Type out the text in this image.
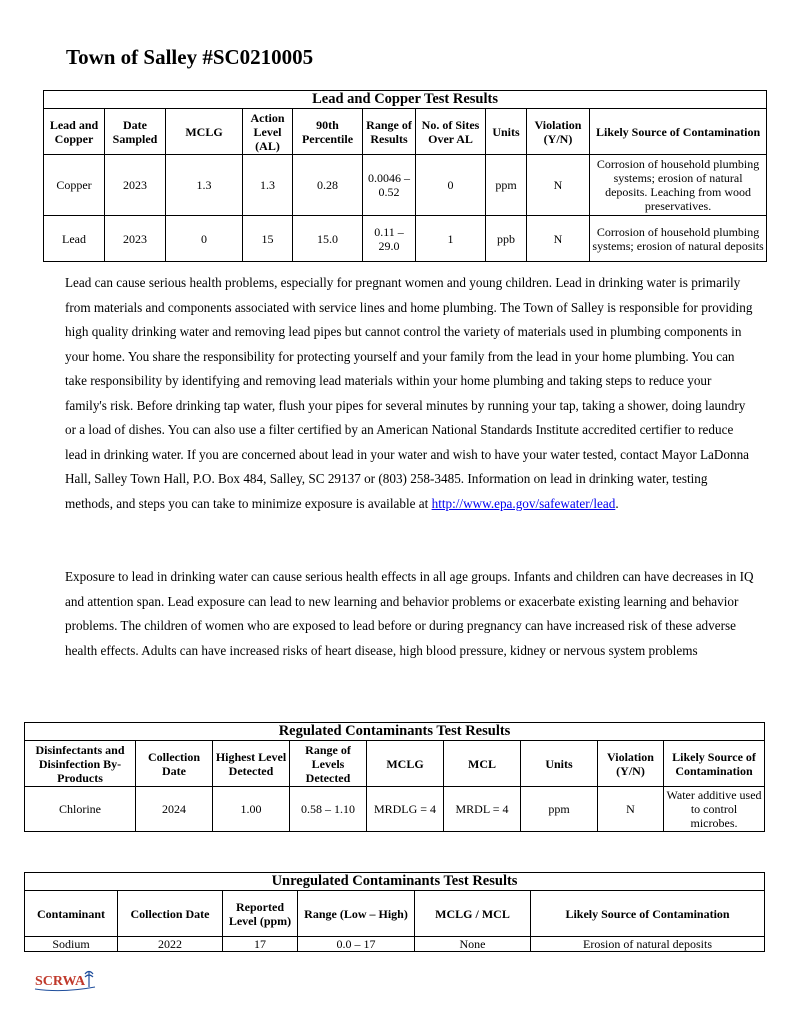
Town of Salley #SC0210005
Lead and Copper Test Results									
Lead and Copper	Date Sampled	MCLG	Action Level (AL)	90th Percentile	Range of Results	No. of Sites Over AL	Units	Violation (Y/N)	Likely Source of Contamination
Copper	2023	1.3	1.3	0.28	0.0046 – 0.52	0	ppm	N	Corrosion of household plumbing systems; erosion of natural deposits. Leaching from wood preservatives.
Lead	2023	0	15	15.0	0.11 – 29.0	1	ppb	N	Corrosion of household plumbing systems; erosion of natural deposits

Lead can cause serious health problems, especially for pregnant women and young children. Lead in drinking water is primarily from materials and components associated with service lines and home plumbing. The Town of Salley is responsible for providing high quality drinking water and removing lead pipes but cannot control the variety of materials used in plumbing components in your home. You share the responsibility for protecting yourself and your family from the lead in your home plumbing. You can take responsibility by identifying and removing lead materials within your home plumbing and taking steps to reduce your family's risk. Before drinking tap water, flush your pipes for several minutes by running your tap, taking a shower, doing laundry or a load of dishes. You can also use a filter certified by an American National Standards Institute accredited certifier to reduce lead in drinking water. If you are concerned about lead in your water and wish to have your water tested, contact Mayor LaDonna Hall, Salley Town Hall, P.O. Box 484, Salley, SC 29137 or (803) 258-3485. Information on lead in drinking water, testing methods, and steps you can take to minimize exposure is available at http://www.epa.gov/safewater/lead.

Exposure to lead in drinking water can cause serious health effects in all age groups. Infants and children can have decreases in IQ and attention span. Lead exposure can lead to new learning and behavior problems or exacerbate existing learning and behavior problems. The children of women who are exposed to lead before or during pregnancy can have increased risk of these adverse health effects. Adults can have increased risks of heart disease, high blood pressure, kidney or nervous system problems

Regulated Contaminants Test Results								
Disinfectants and Disinfection By-Products	Collection Date	Highest Level Detected	Range of Levels Detected	MCLG	MCL	Units	Violation (Y/N)	Likely Source of Contamination
Chlorine	2024	1.00	0.58 – 1.10	MRDLG = 4	MRDL = 4	ppm	N	Water additive used to control microbes.
Unregulated Contaminants Test Results					
Contaminant	Collection Date	Reported Level (ppm)	Range (Low – High)	MCLG / MCL	Likely Source of Contamination
Sodium	2022	17	0.0 – 17	None	Erosion of natural deposits
SCRWA
